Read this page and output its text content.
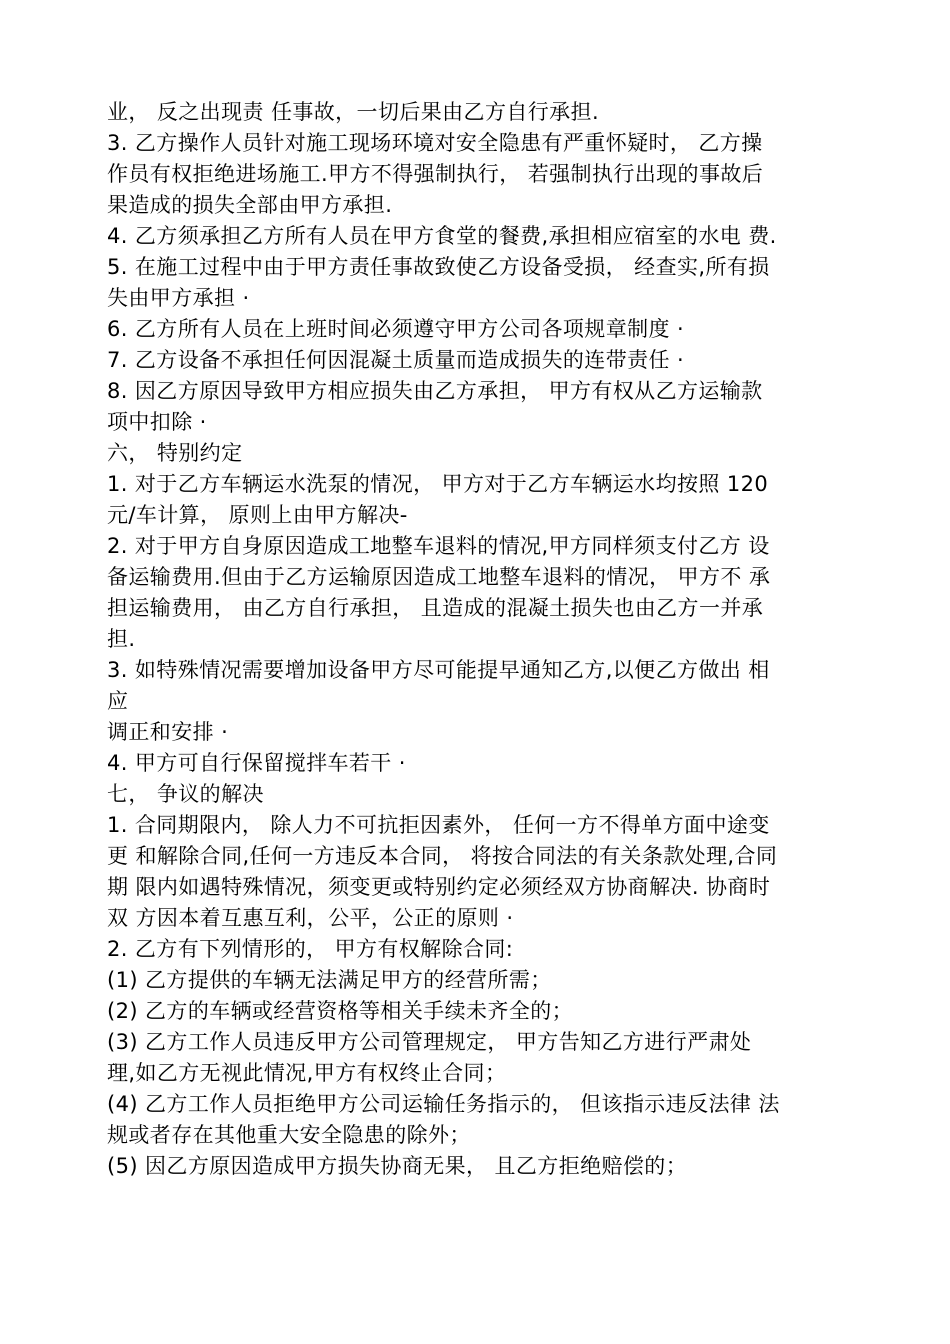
业， 反之出现责 任事故，一切后果由乙方自行承担.
3. 乙方操作人员针对施工现场环境对安全隐患有严重怀疑时， 乙方操
作员有权拒绝进场施工.甲方不得强制执行， 若强制执行出现的事故后
果造成的损失全部由甲方承担.
4. 乙方须承担乙方所有人员在甲方食堂的餐费,承担相应宿室的水电 费.
5. 在施工过程中由于甲方责任事故致使乙方设备受损， 经查实,所有损
失由甲方承担 ·
6. 乙方所有人员在上班时间必须遵守甲方公司各项规章制度 ·
7. 乙方设备不承担任何因混凝土质量而造成损失的连带责任 ·
8. 因乙方原因导致甲方相应损失由乙方承担， 甲方有权从乙方运输款
项中扣除 ·
六， 特别约定
1. 对于乙方车辆运水洗泵的情况， 甲方对于乙方车辆运水均按照 120
元/车计算， 原则上由甲方解决-
2. 对于甲方自身原因造成工地整车退料的情况,甲方同样须支付乙方 设
备运输费用.但由于乙方运输原因造成工地整车退料的情况， 甲方不 承
担运输费用， 由乙方自行承担， 且造成的混凝土损失也由乙方一并承
担.
3. 如特殊情况需要增加设备甲方尽可能提早通知乙方,以便乙方做出 相
应
调正和安排 ·
4. 甲方可自行保留搅拌车若干 ·
七， 争议的解决
1. 合同期限内， 除人力不可抗拒因素外， 任何一方不得单方面中途变
更 和解除合同,任何一方违反本合同， 将按合同法的有关条款处理,合同
期 限内如遇特殊情况，须变更或特别约定必须经双方协商解决. 协商时
双 方因本着互惠互利，公平，公正的原则 ·
2. 乙方有下列情形的， 甲方有权解除合同:
(1) 乙方提供的车辆无法满足甲方的经营所需；
(2) 乙方的车辆或经营资格等相关手续未齐全的；
(3) 乙方工作人员违反甲方公司管理规定， 甲方告知乙方进行严肃处
理,如乙方无视此情况,甲方有权终止合同；
(4) 乙方工作人员拒绝甲方公司运输任务指示的， 但该指示违反法律 法
规或者存在其他重大安全隐患的除外；
(5) 因乙方原因造成甲方损失协商无果， 且乙方拒绝赔偿的；
